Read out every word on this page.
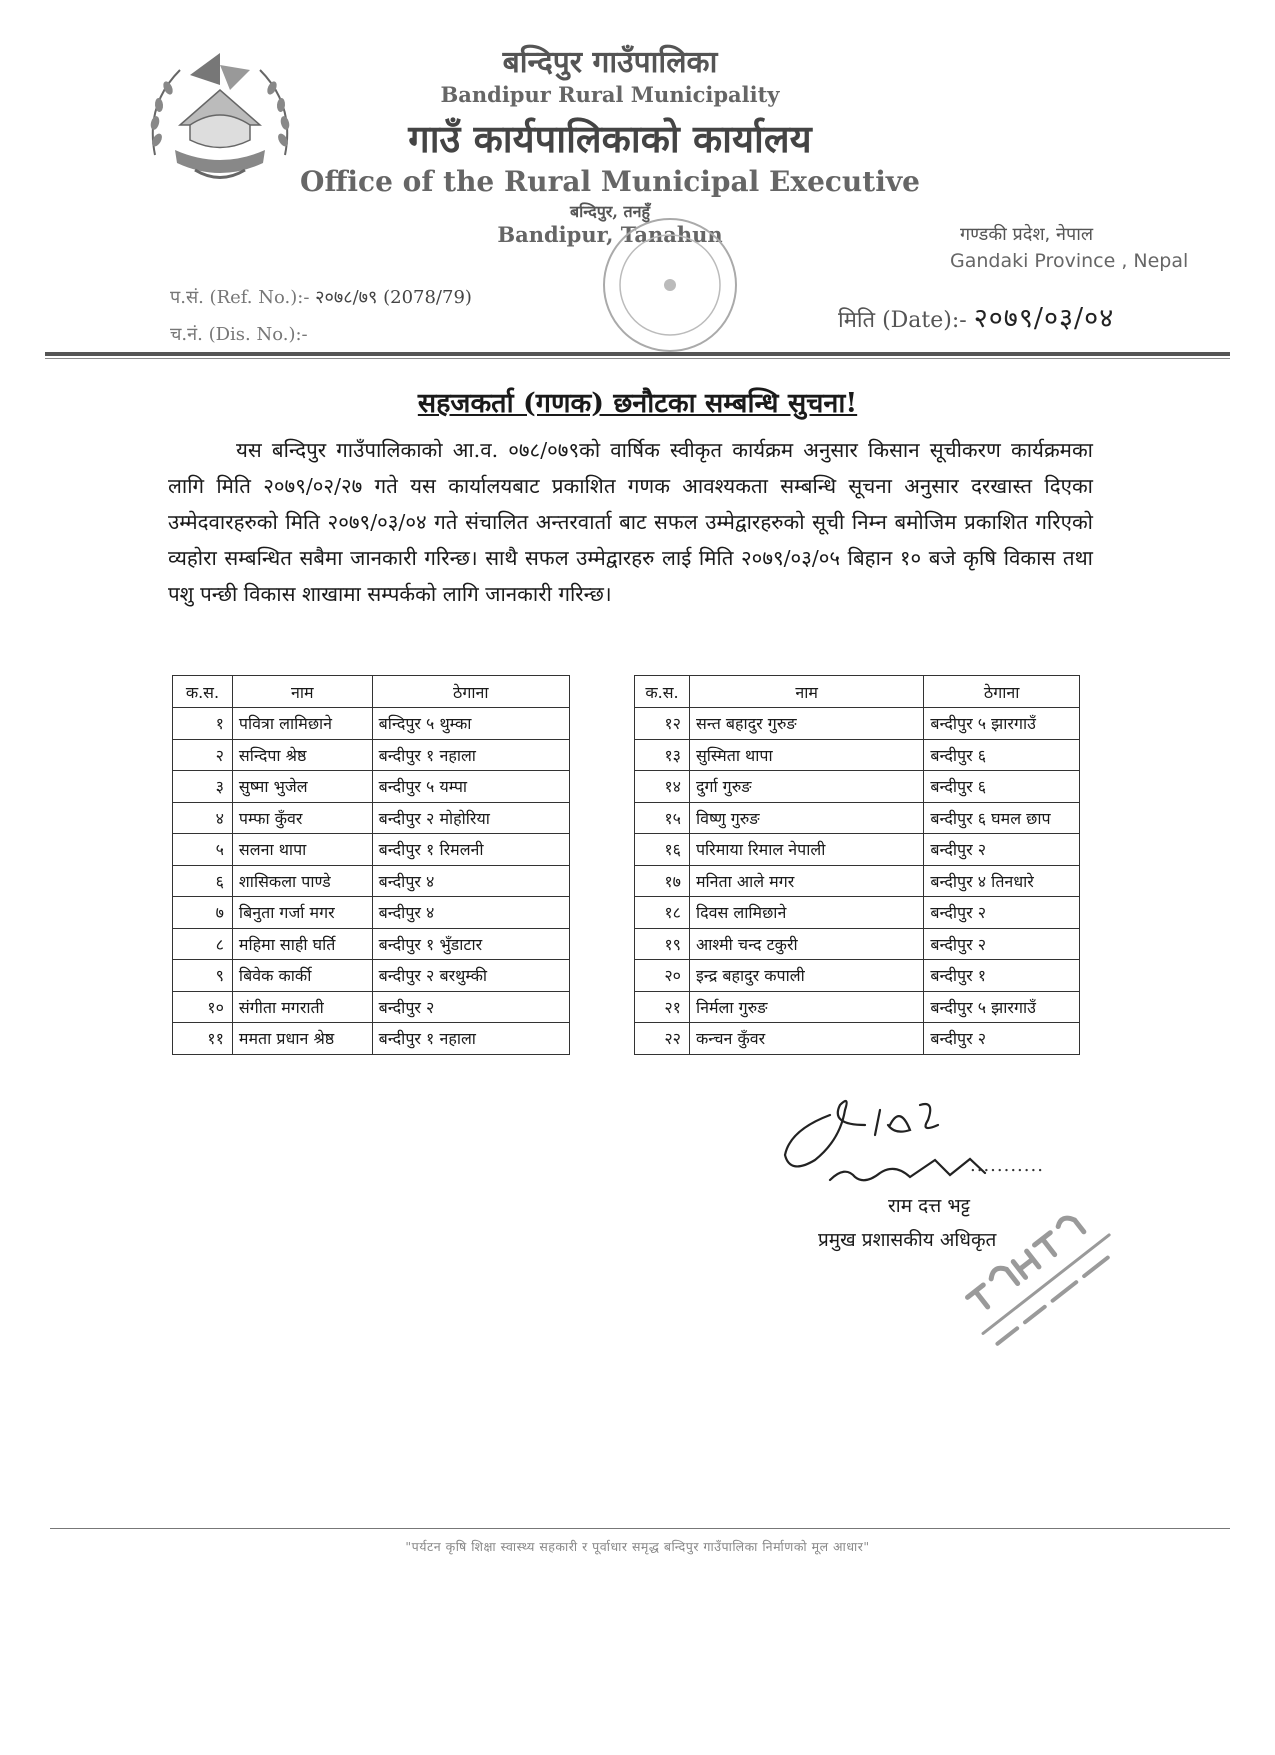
बन्दिपुर गाउँपालिका
Bandipur Rural Municipality
गाउँ कार्यपालिकाको कार्यालय
Office of the Rural Municipal Executive
बन्दिपुर, तनहुँ
Bandipur, Tanahun	गण्डकी प्रदेश, नेपाल
Gandaki Province , Nepal
प.सं. (Ref. No.):- २०७८/७९ (2078/79)
च.नं. (Dis. No.):-
मिति (Date):- २०७९/०३/०४
सहजकर्ता (गणक) छनौटका सम्बन्धि सुचना!
यस बन्दिपुर गाउँपालिकाको आ.व. ०७८/०७९को वार्षिक स्वीकृत कार्यक्रम अनुसार किसान सूचीकरण कार्यक्रमका लागि मिति २०७९/०२/२७ गते यस कार्यालयबाट प्रकाशित गणक आवश्यकता सम्बन्धि सूचना अनुसार दरखास्त दिएका उम्मेदवारहरुको मिति २०७९/०३/०४ गते संचालित अन्तरवार्ता बाट सफल उम्मेद्वारहरुको सूची निम्न बमोजिम प्रकाशित गरिएको व्यहोरा सम्बन्धित सबैमा जानकारी गरिन्छ। साथै सफल उम्मेद्वारहरु लाई मिति २०७९/०३/०५ बिहान १० बजे कृषि विकास तथा पशु पन्छी विकास शाखामा सम्पर्कको लागि जानकारी गरिन्छ।
क.स.	नाम	ठेगाना
१	पवित्रा लामिछाने	बन्दिपुर ५ थुम्का
२	सन्दिपा श्रेष्ठ	बन्दीपुर १ नहाला
३	सुष्मा भुजेल	बन्दीपुर ५ यम्पा
४	पम्फा कुँवर	बन्दीपुर २ मोहोरिया
५	सलना थापा	बन्दीपुर १ रिमलनी
६	शासिकला पाण्डे	बन्दीपुर ४
७	बिनुता गर्जा मगर	बन्दीपुर ४
८	महिमा साही घर्ति	बन्दीपुर १ भुँडाटार
९	बिवेक कार्की	बन्दीपुर २ बरथुम्की
१०	संगीता मगराती	बन्दीपुर २
११	ममता प्रधान श्रेष्ठ	बन्दीपुर १ नहाला
क.स.	नाम	ठेगाना
१२	सन्त बहादुर गुरुङ	बन्दीपुर ५ झारगाउँ
१३	सुस्मिता थापा	बन्दीपुर ६
१४	दुर्गा गुरुङ	बन्दीपुर ६
१५	विष्णु गुरुङ	बन्दीपुर ६ घमल छाप
१६	परिमाया रिमाल नेपाली	बन्दीपुर २
१७	मनिता आले मगर	बन्दीपुर ४ तिनधारे
१८	दिवस लामिछाने	बन्दीपुर २
१९	आश्मी चन्द टकुरी	बन्दीपुर २
२०	इन्द्र बहादुर कपाली	बन्दीपुर १
२१	निर्मला गुरुङ	बन्दीपुर ५ झारगाउँ
२२	कन्चन कुँवर	बन्दीपुर २
...........
राम दत्त भट्ट
प्रमुख प्रशासकीय अधिकृत
"पर्यटन कृषि शिक्षा स्वास्थ्य सहकारी र पूर्वाधार समृद्ध बन्दिपुर गाउँपालिका निर्माणको मूल आधार"
